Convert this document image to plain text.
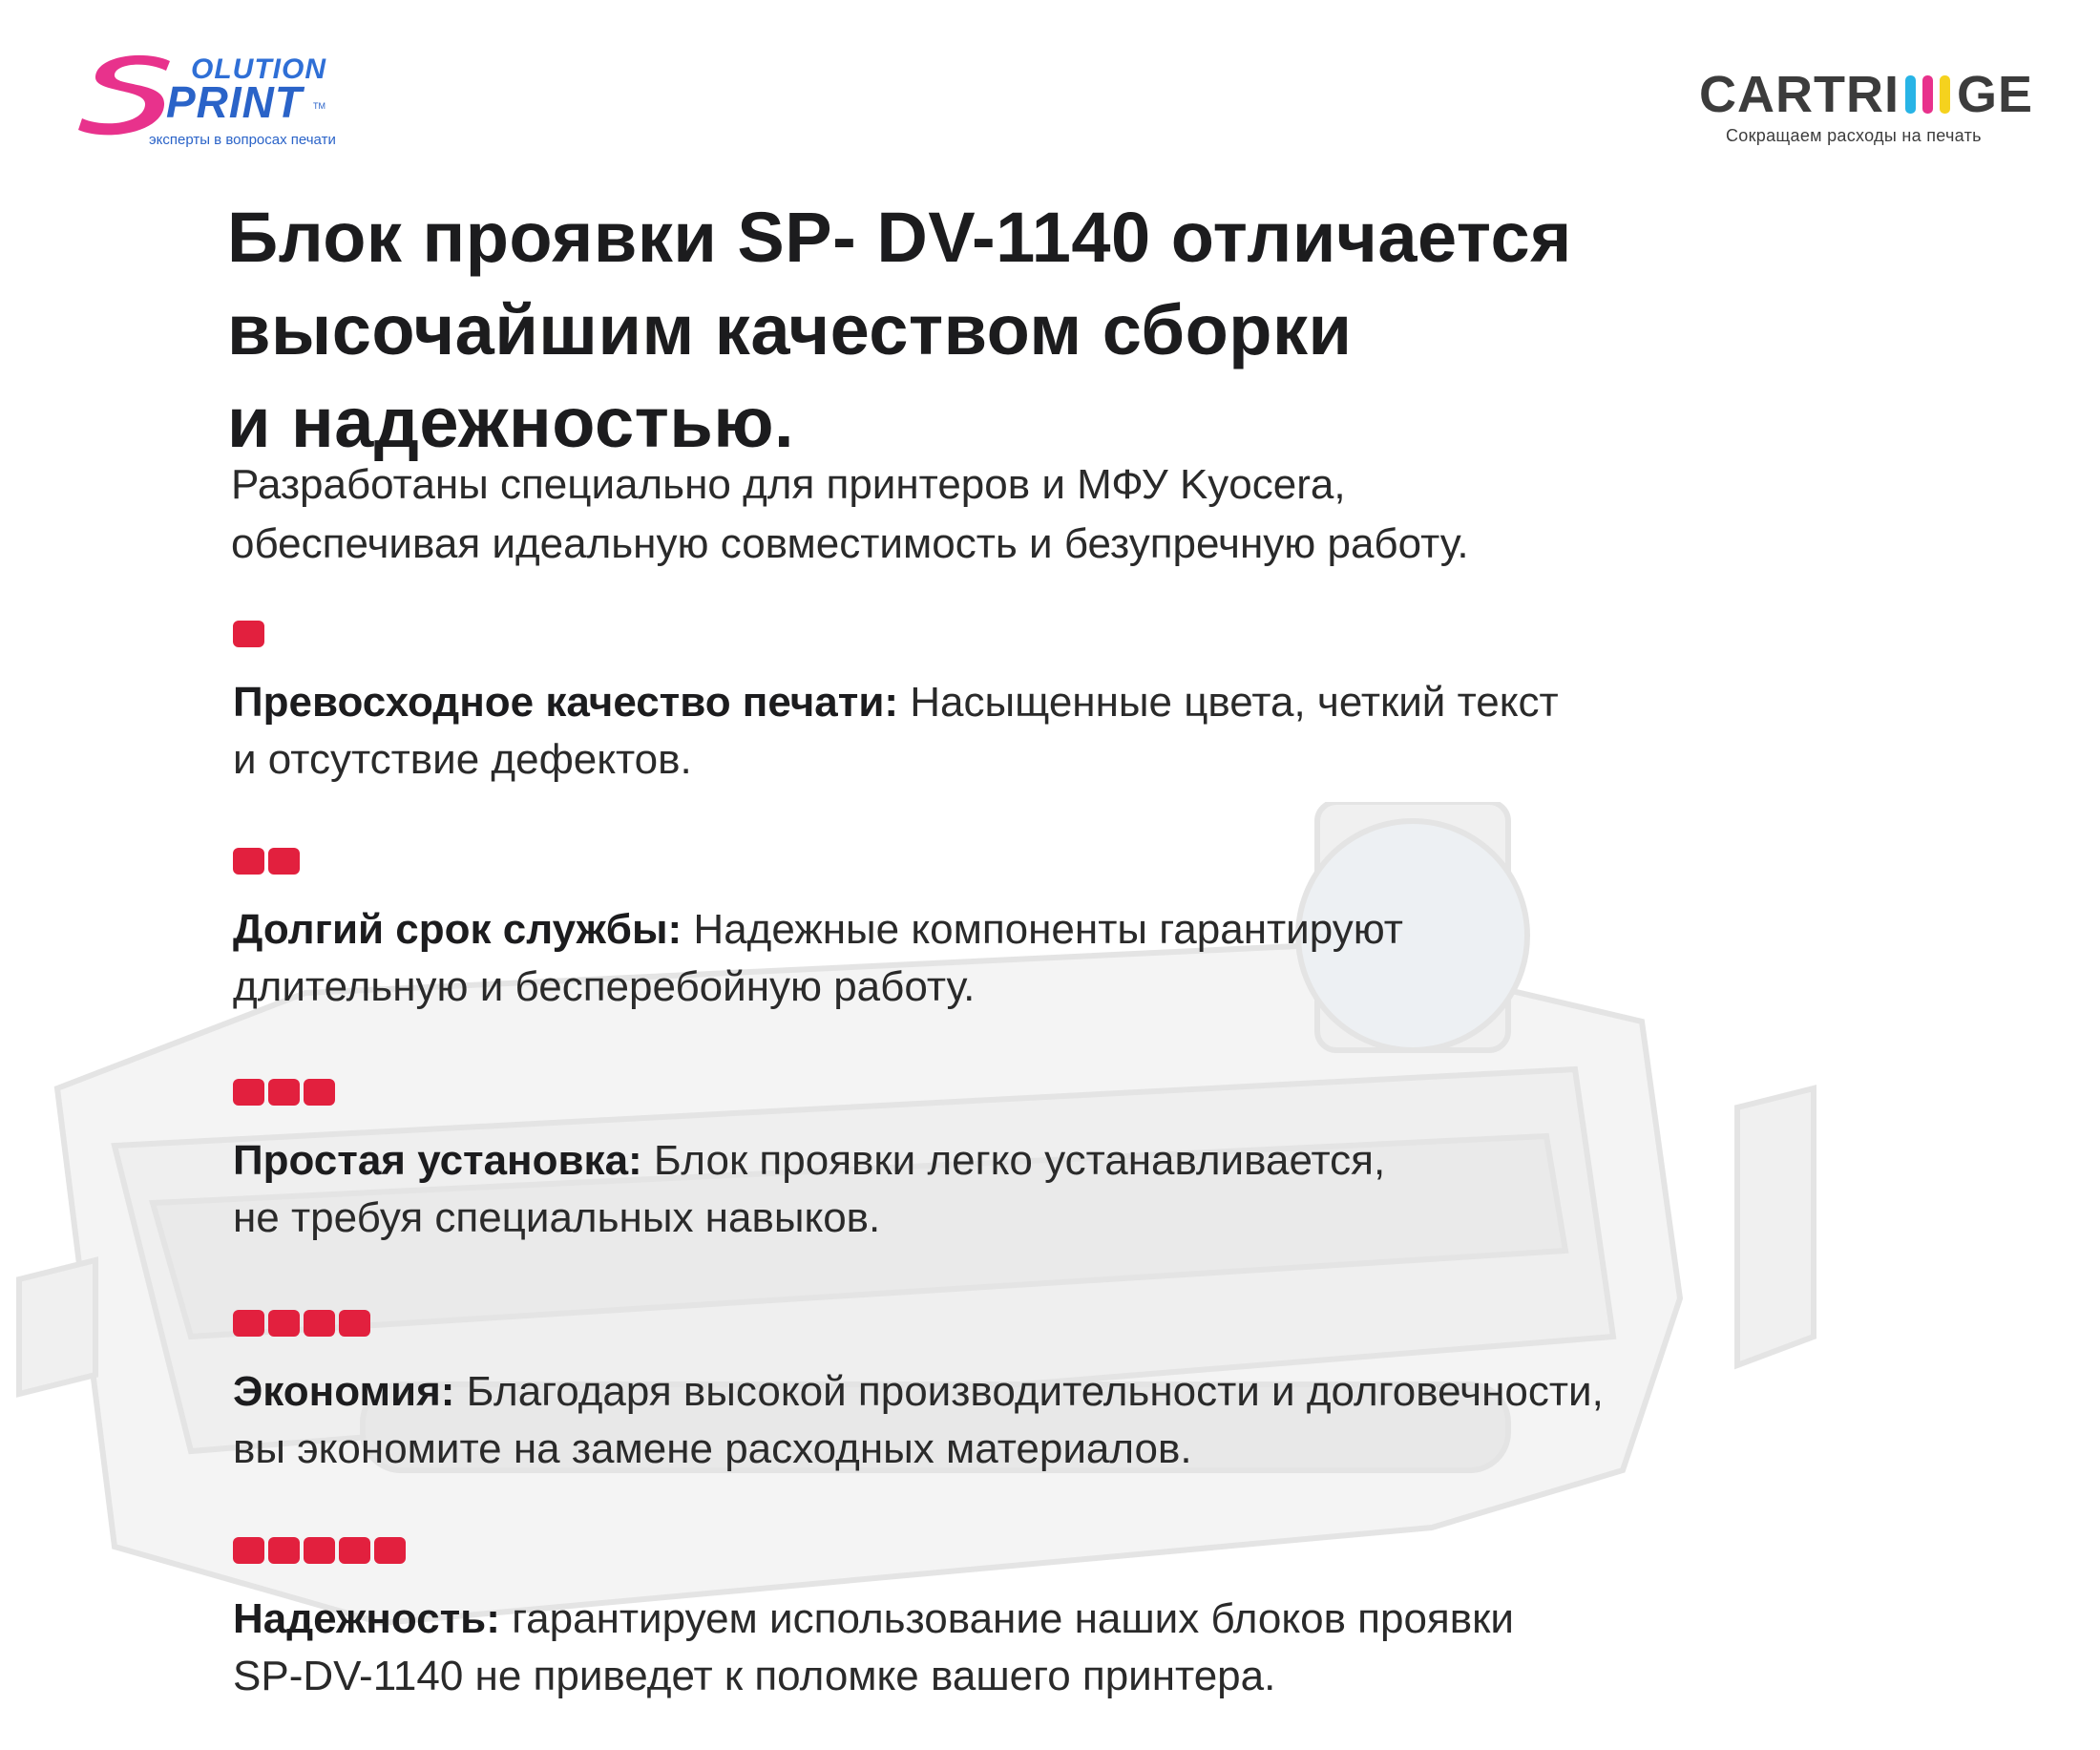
OLUTION
PRINT TM
эксперты в вопросах печати
CARTRI GE
Сокращаем расходы на печать
Блок проявки SP- DV-1140 отличается
высочайшим качеством сборки
и надежностью.
Разработаны специально для принтеров и МФУ Kyocera,
обеспечивая идеальную совместимость и безупречную работу.
Превосходное качество печати: Насыщенные цвета, четкий текст
и отсутствие дефектов.
Долгий срок службы: Надежные компоненты гарантируют
длительную и бесперебойную работу.
Простая установка: Блок проявки легко устанавливается,
не требуя специальных навыков.
Экономия: Благодаря высокой производительности и долговечности,
вы экономите на замене расходных материалов.
Надежность: гарантируем использование наших блоков проявки
SP-DV-1140 не приведет к поломке вашего принтера.
